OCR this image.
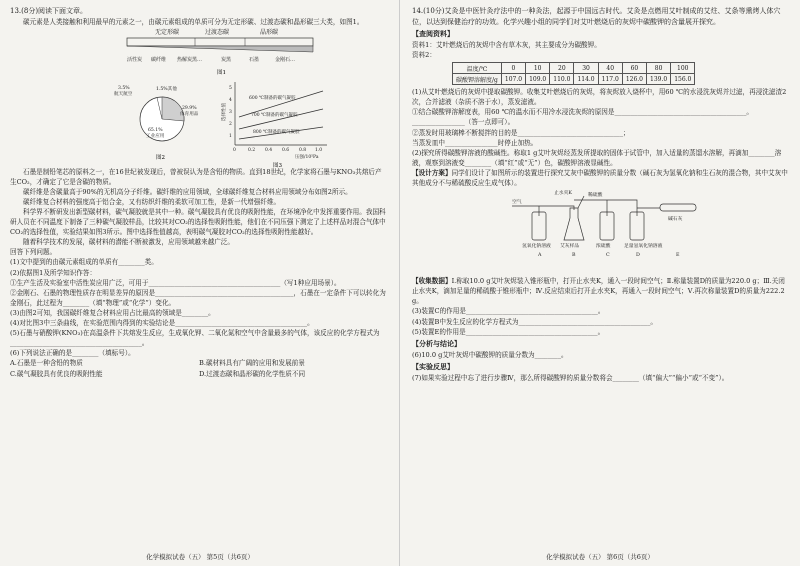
13.(8分)阅读下面文章。

碳元素是人类接触和利用最早的元素之一，由碳元素组成的单质可分为无定形碳、过渡态碳和晶形碳三大类，如图1。

无定形碳	过渡态碳	晶形碳
活性炭 碳纤维 热解炭黑…	炭黑	石墨	金刚石…
图1
3.5%
航天航空
1.5%其他
29.9%
体育用品
65.1%
工业应用
图2
600 ℃制备的碳气凝胶
700 ℃制备的碳气凝胶
800 ℃制备的碳气凝胶
5
4
3
2
1
0	0.2 0.4 0.6 0.8 1.0
压强/10⁵Pa
选择性值
图3

石墨是制铅笔芯的原料之一，在16世纪被发现后，曾被误认为是含铅的物质。直到18世纪，化学家将石墨与KNO₃共熔后产生CO₂，才确定了它是含碳的物质。

碳纤维是含碳量高于90%的无机高分子纤维。碳纤维的应用领域，全球碳纤维复合材料应用领域分布如图2所示。

碳纤维复合材料的强度高于铝合金，又有纺织纤维的柔软可加工性，是新一代增强纤维。

科学界不断研发出新型碳材料，碳气凝胶就是其中一种。碳气凝胶具有优良的吸附性能，在环境净化中发挥重要作用。我国科研人员在不同温度下制备了三种碳气凝胶样品，比较其对CO₂的选择性吸附性能，他们在不同压强下测定了上述样品对混合气体中CO₂的选择性值，实验结果如图3所示。图中选择性值越高，表明碳气凝胶对CO₂的选择性吸附性能越好。

随着科学技术的发展，碳材料的潜能不断被激发，应用领域越来越广泛。

回答下列问题。

(1)文中提到的由碳元素组成的单质有________类。

(2)依据图1及所学知识作答：

①生产生活及实验室中活性炭应用广泛，可用于________________________________________（写1种应用场景）。

②金刚石、石墨的物理性质存在明显差异的原因是__________________________________________，石墨在一定条件下可以转化为金刚石，此过程为________（填“物理”或“化学”）变化。

(3)由图2可知，我国碳纤维复合材料应用占比最高的领域是________。

(4)对比图3中三条曲线，在实验范围内得到的实验结论是________________________________________。

(5)石墨与硝酸钾(KNO₃)在高温条件下共熔发生反应，生成氧化钾、二氧化氮和空气中含量最多的气体，该反应的化学方程式为________________________________________。

(6)下列说法正确的是________（填标号）。

A.石墨是一种含铅的物质	B.碳材料具有广阔的应用和发展前景
C.碳气凝胶具有优良的吸附性能	D.过渡态碳和晶形碳的化学性质不同
化学模拟试卷（五） 第5页（共6页）

14.(10分)艾灸是中医针灸疗法中的一种灸法，起源于中国远古时代。艾灸是点燃用艾叶制成的艾炷、艾条等熏烤人体穴位，以达到保健治疗的功效。化学兴趣小组的同学们对艾叶燃烧后的灰烬中碳酸钾的含量展开探究。

【查阅资料】

资料1：艾叶燃烧后的灰烬中含有草木灰，其主要成分为碳酸钾。

资料2：

温度/℃	0	10	20	30	40	60	80	100
碳酸钾溶解度/g	107.0	109.0	110.0	114.0	117.0	126.0	139.0	156.0

(1)从艾叶燃烧后的灰烬中提取碳酸钾。收集艾叶燃烧后的灰烬，将灰烬放入烧杯中，用60 ℃的水浸洗灰烬并过滤，再浸洗滤渣2次，合并滤液（杂质不溶于水），蒸发滤液。

①结合碳酸钾溶解度表，用60 ℃的温水而不用冷水浸洗灰烬的原因是________________________________________。

________________（答一点即可）。

②蒸发时用玻璃棒不断搅拌的目的是________________________________；

当蒸发皿中________________时停止加热。

(2)探究所得碳酸钾溶液的酸碱性。称取1 g艾叶灰烬经蒸发所提取的固体于试管中，加入适量的蒸馏水溶解，再滴加________溶液，观察到溶液变________（填“红”或“无”）色，碳酸钾溶液显碱性。

【设计方案】同学们设计了如图所示的装置进行探究艾灰中碳酸钾的质量分数（碱石灰为氢氧化钠和生石灰的混合物，其中艾灰中其他成分不与稀硫酸反应生成气体）。

止水夹K	稀硫酸
空气
碱石灰
氢氧化钠溶液 艾灰样品	浓硫酸	足量氢氧化钠溶液
A	B	C	D	E

【收集数据】Ⅰ.称取10.0 g艾叶灰烬装入锥形瓶中，打开止水夹K，通入一段时间空气；Ⅱ.称量装置D的质量为220.0 g；Ⅲ.关闭止水夹K，滴加足量的稀硫酸于锥形瓶中；Ⅳ.反应结束后打开止水夹K，再通入一段时间空气；Ⅴ.再次称量装置D的质量为222.2 g。

(3)装置C的作用是________________________________________。

(4)装置B中发生反应的化学方程式为________________________________________。

(5)装置E的作用是________________________________________。

【分析与结论】

(6)10.0 g艾叶灰烬中碳酸钾的质量分数为________。

【实验反思】

(7)如果实验过程中忘了进行步骤Ⅳ，那么所得碳酸钾的质量分数将会________（填“偏大”“偏小”或“不变”）。

化学模拟试卷（五） 第6页（共6页）
